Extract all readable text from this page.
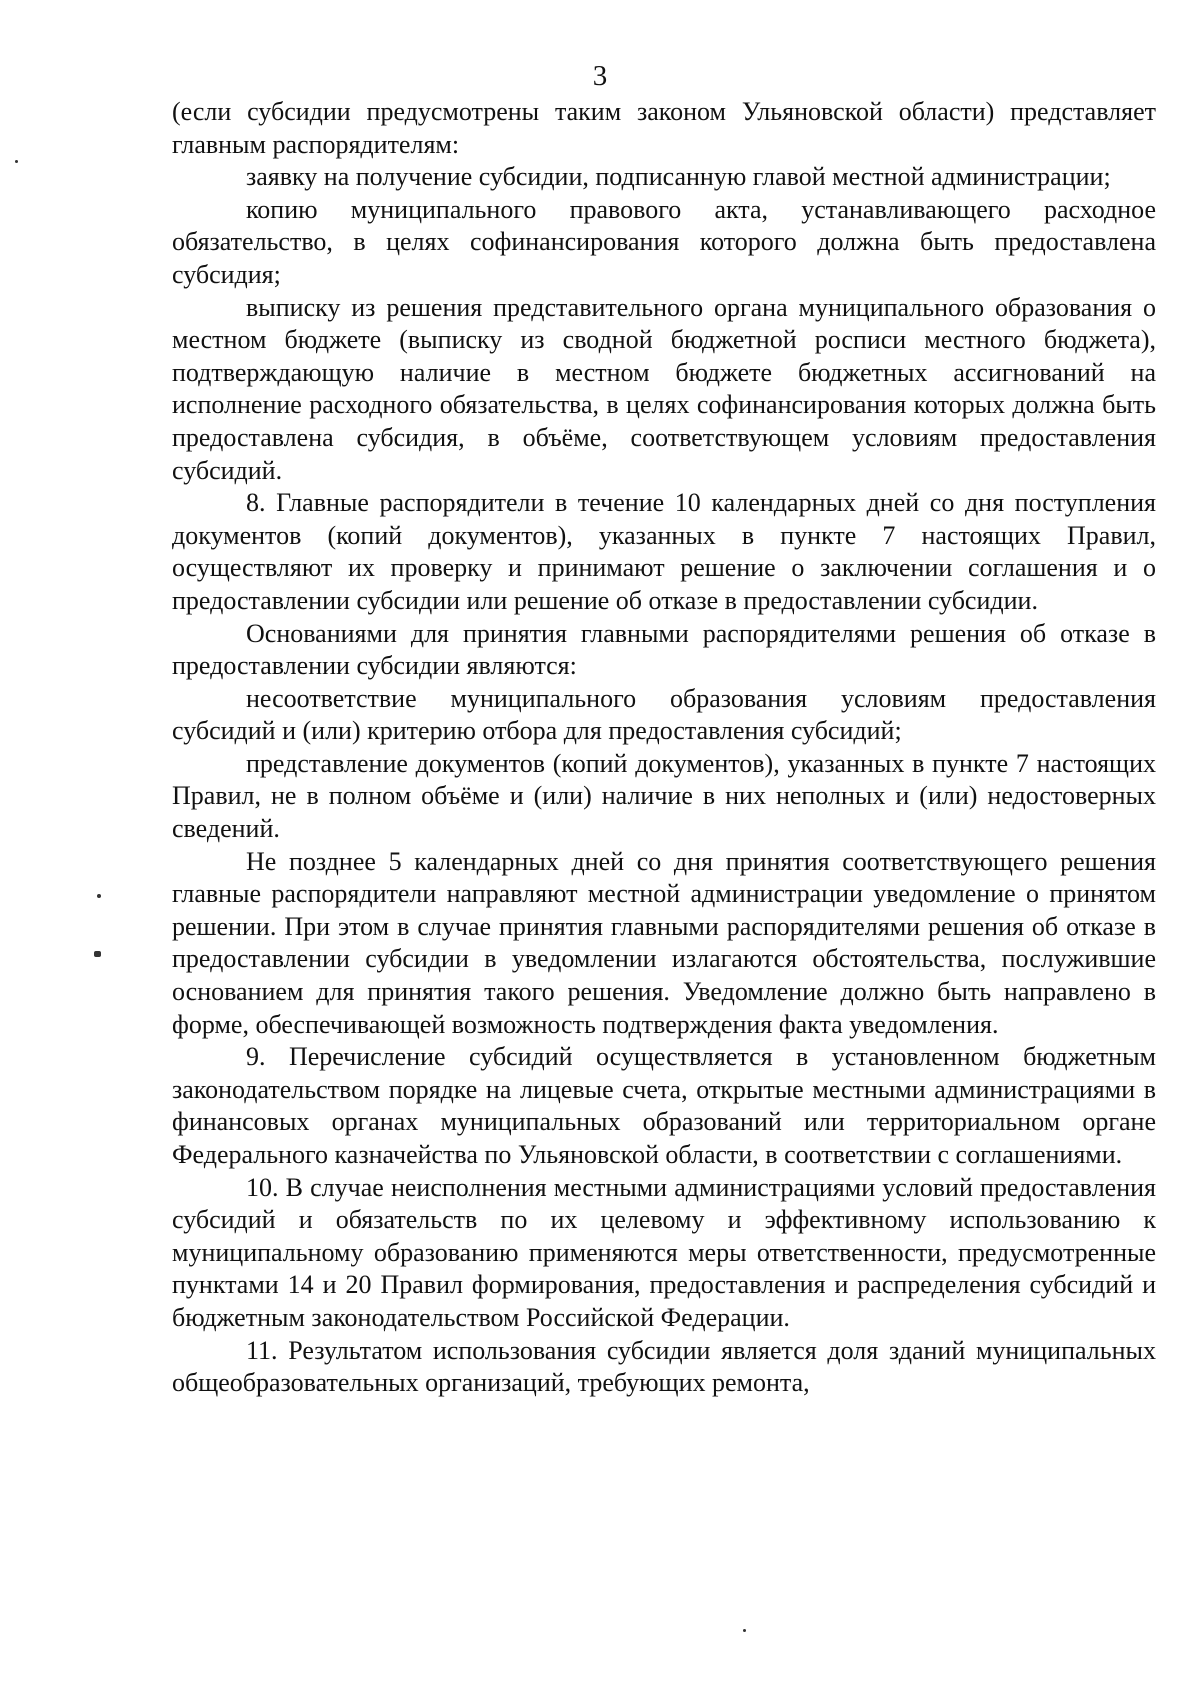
3

(если субсидии предусмотрены таким законом Ульяновской области) представляет главным распорядителям:

заявку на получение субсидии, подписанную главой местной администрации;

копию муниципального правового акта, устанавливающего расходное обязательство, в целях софинансирования которого должна быть предоставлена субсидия;

выписку из решения представительного органа муниципального образования о местном бюджете (выписку из сводной бюджетной росписи местного бюджета), подтверждающую наличие в местном бюджете бюджетных ассигнований на исполнение расходного обязательства, в целях софинансирования которых должна быть предоставлена субсидия, в объёме, соответствующем условиям предоставления субсидий.

8. Главные распорядители в течение 10 календарных дней со дня поступления документов (копий документов), указанных в пункте 7 настоящих Правил, осуществляют их проверку и принимают решение о заключении соглашения и о предоставлении субсидии или решение об отказе в предоставлении субсидии.

Основаниями для принятия главными распорядителями решения об отказе в предоставлении субсидии являются:

несоответствие муниципального образования условиям предоставления субсидий и (или) критерию отбора для предоставления субсидий;

представление документов (копий документов), указанных в пункте 7 настоящих Правил, не в полном объёме и (или) наличие в них неполных и (или) недостоверных сведений.

Не позднее 5 календарных дней со дня принятия соответствующего решения главные распорядители направляют местной администрации уведомление о принятом решении. При этом в случае принятия главными распорядителями решения об отказе в предоставлении субсидии в уведомлении излагаются обстоятельства, послужившие основанием для принятия такого решения. Уведомление должно быть направлено в форме, обеспечивающей возможность подтверждения факта уведомления.

9. Перечисление субсидий осуществляется в установленном бюджетным законодательством порядке на лицевые счета, открытые местными администрациями в финансовых органах муниципальных образований или территориальном органе Федерального казначейства по Ульяновской области, в соответствии с соглашениями.

10. В случае неисполнения местными администрациями условий предоставления субсидий и обязательств по их целевому и эффективному использованию к муниципальному образованию применяются меры ответственности, предусмотренные пунктами 14 и 20 Правил формирования, предоставления и распределения субсидий и бюджетным законодательством Российской Федерации.

11. Результатом использования субсидии является доля зданий муниципальных общеобразовательных организаций, требующих ремонта,
